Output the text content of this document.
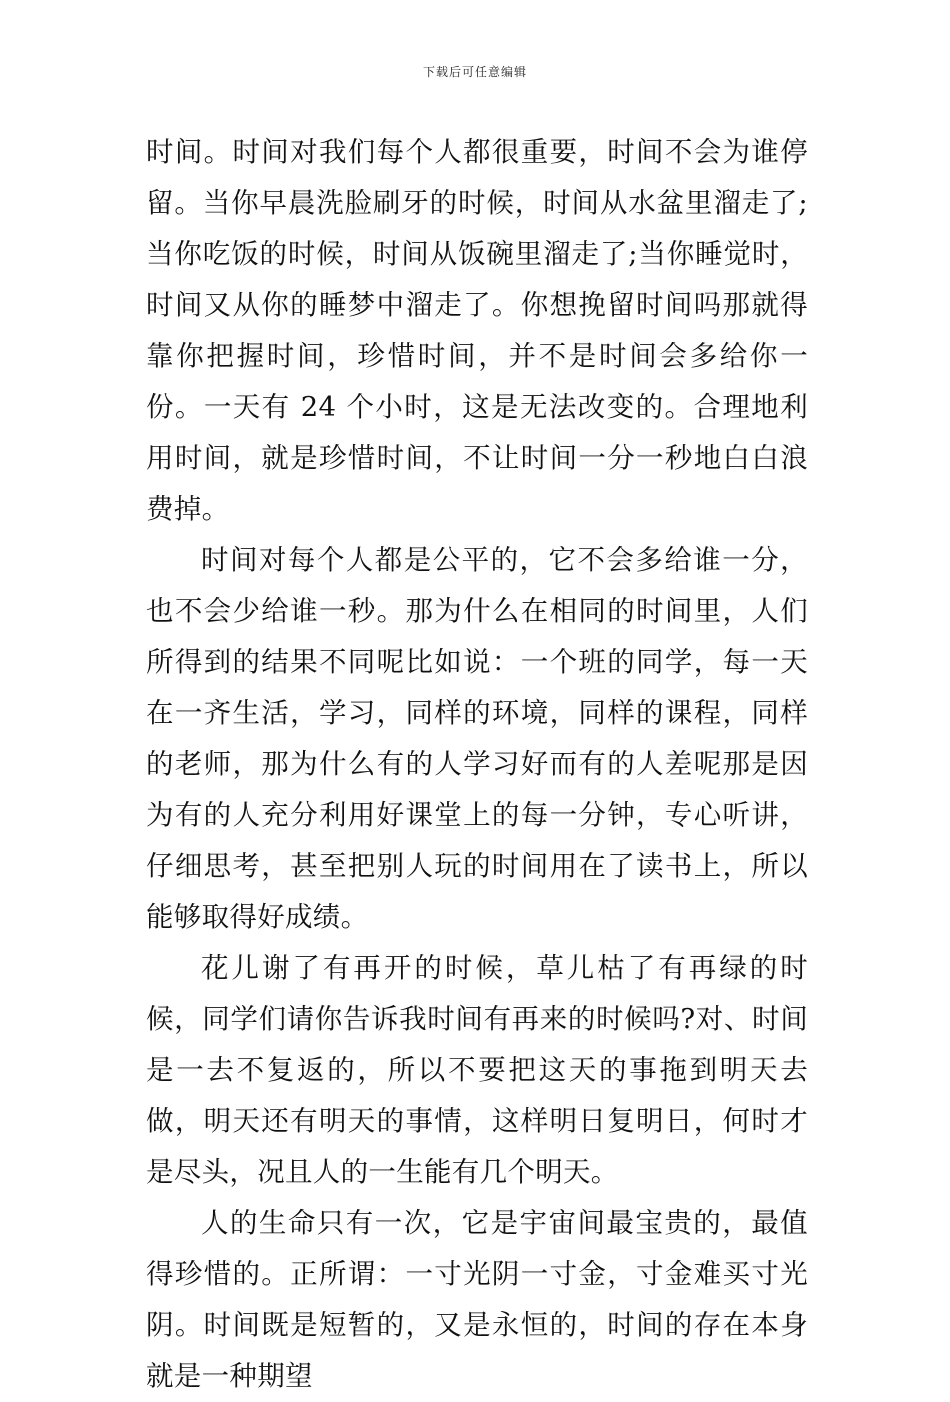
下载后可任意编辑

时间。时间对我们每个人都很重要，时间不会为谁停留。当你早晨洗脸刷牙的时候，时间从水盆里溜走了;当你吃饭的时候，时间从饭碗里溜走了;当你睡觉时，时间又从你的睡梦中溜走了。你想挽留时间吗那就得靠你把握时间，珍惜时间，并不是时间会多给你一份。一天有 24 个小时，这是无法改变的。合理地利用时间，就是珍惜时间，不让时间一分一秒地白白浪费掉。

时间对每个人都是公平的，它不会多给谁一分，也不会少给谁一秒。那为什么在相同的时间里，人们所得到的结果不同呢比如说：一个班的同学，每一天在一齐生活，学习，同样的环境，同样的课程，同样的老师，那为什么有的人学习好而有的人差呢那是因为有的人充分利用好课堂上的每一分钟，专心听讲，仔细思考，甚至把别人玩的时间用在了读书上，所以能够取得好成绩。

花儿谢了有再开的时候，草儿枯了有再绿的时候，同学们请你告诉我时间有再来的时候吗?对、时间是一去不复返的，所以不要把这天的事拖到明天去做，明天还有明天的事情，这样明日复明日，何时才是尽头，况且人的一生能有几个明天。

人的生命只有一次，它是宇宙间最宝贵的，最值得珍惜的。正所谓：一寸光阴一寸金，寸金难买寸光阴。时间既是短暂的，又是永恒的，时间的存在本身就是一种期望
